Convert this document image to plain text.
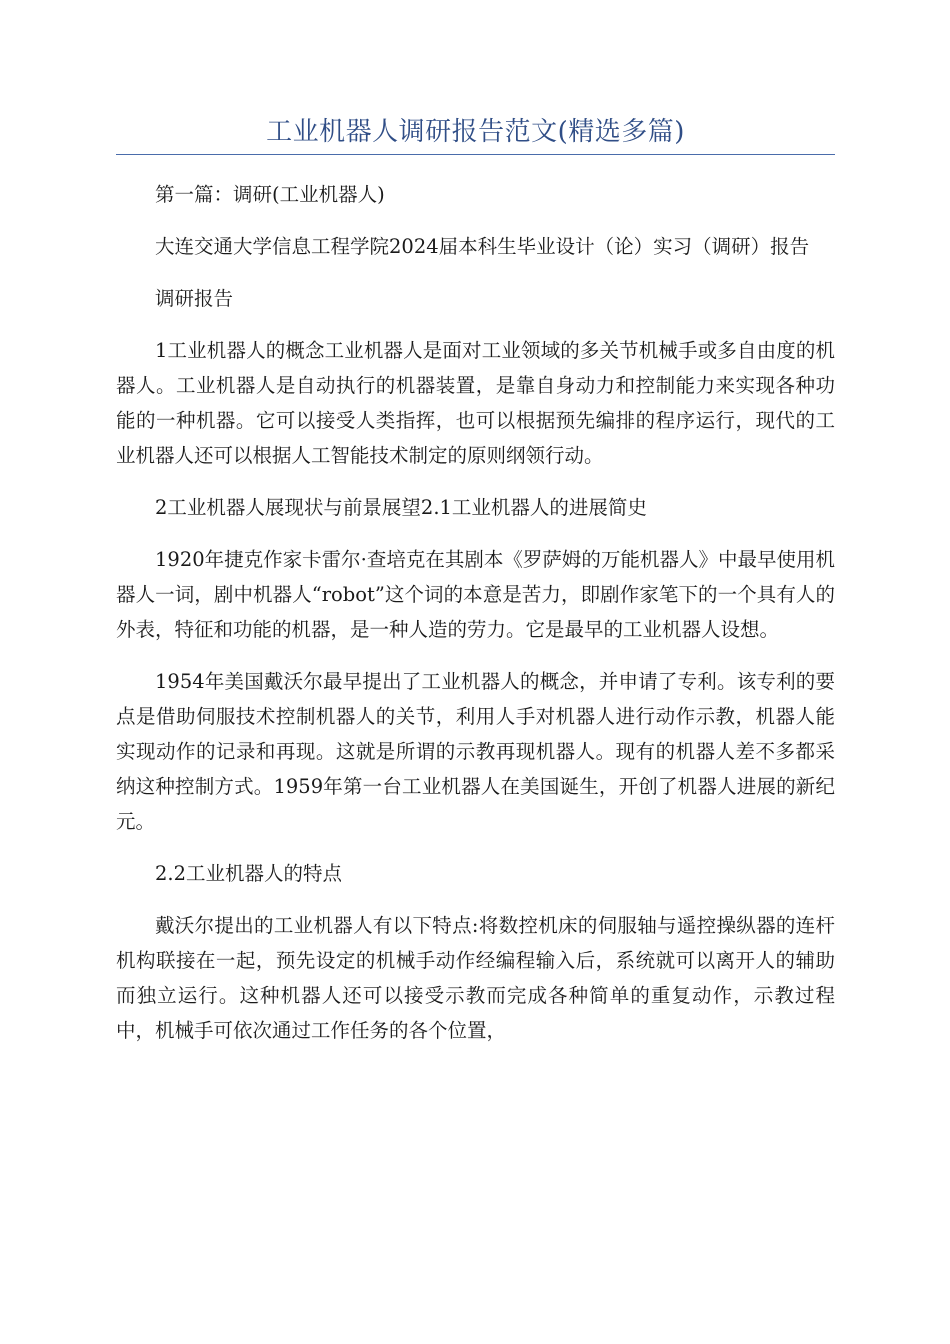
工业机器人调研报告范文(精选多篇)

第一篇：调研(工业机器人)

大连交通大学信息工程学院2024届本科生毕业设计（论）实习（调研）报告

调研报告

1工业机器人的概念工业机器人是面对工业领域的多关节机械手或多自由度的机器人。工业机器人是自动执行的机器装置，是靠自身动力和控制能力来实现各种功能的一种机器。它可以接受人类指挥，也可以根据预先编排的程序运行，现代的工业机器人还可以根据人工智能技术制定的原则纲领行动。

2工业机器人展现状与前景展望2.1工业机器人的进展简史

1920年捷克作家卡雷尔·查培克在其剧本《罗萨姆的万能机器人》中最早使用机器人一词，剧中机器人“robot”这个词的本意是苦力，即剧作家笔下的一个具有人的外表，特征和功能的机器，是一种人造的劳力。它是最早的工业机器人设想。

1954年美国戴沃尔最早提出了工业机器人的概念，并申请了专利。该专利的要点是借助伺服技术控制机器人的关节，利用人手对机器人进行动作示教，机器人能实现动作的记录和再现。这就是所谓的示教再现机器人。现有的机器人差不多都采纳这种控制方式。1959年第一台工业机器人在美国诞生，开创了机器人进展的新纪元。

2.2工业机器人的特点

戴沃尔提出的工业机器人有以下特点:将数控机床的伺服轴与遥控操纵器的连杆机构联接在一起，预先设定的机械手动作经编程输入后，系统就可以离开人的辅助而独立运行。这种机器人还可以接受示教而完成各种简单的重复动作，示教过程中，机械手可依次通过工作任务的各个位置，
